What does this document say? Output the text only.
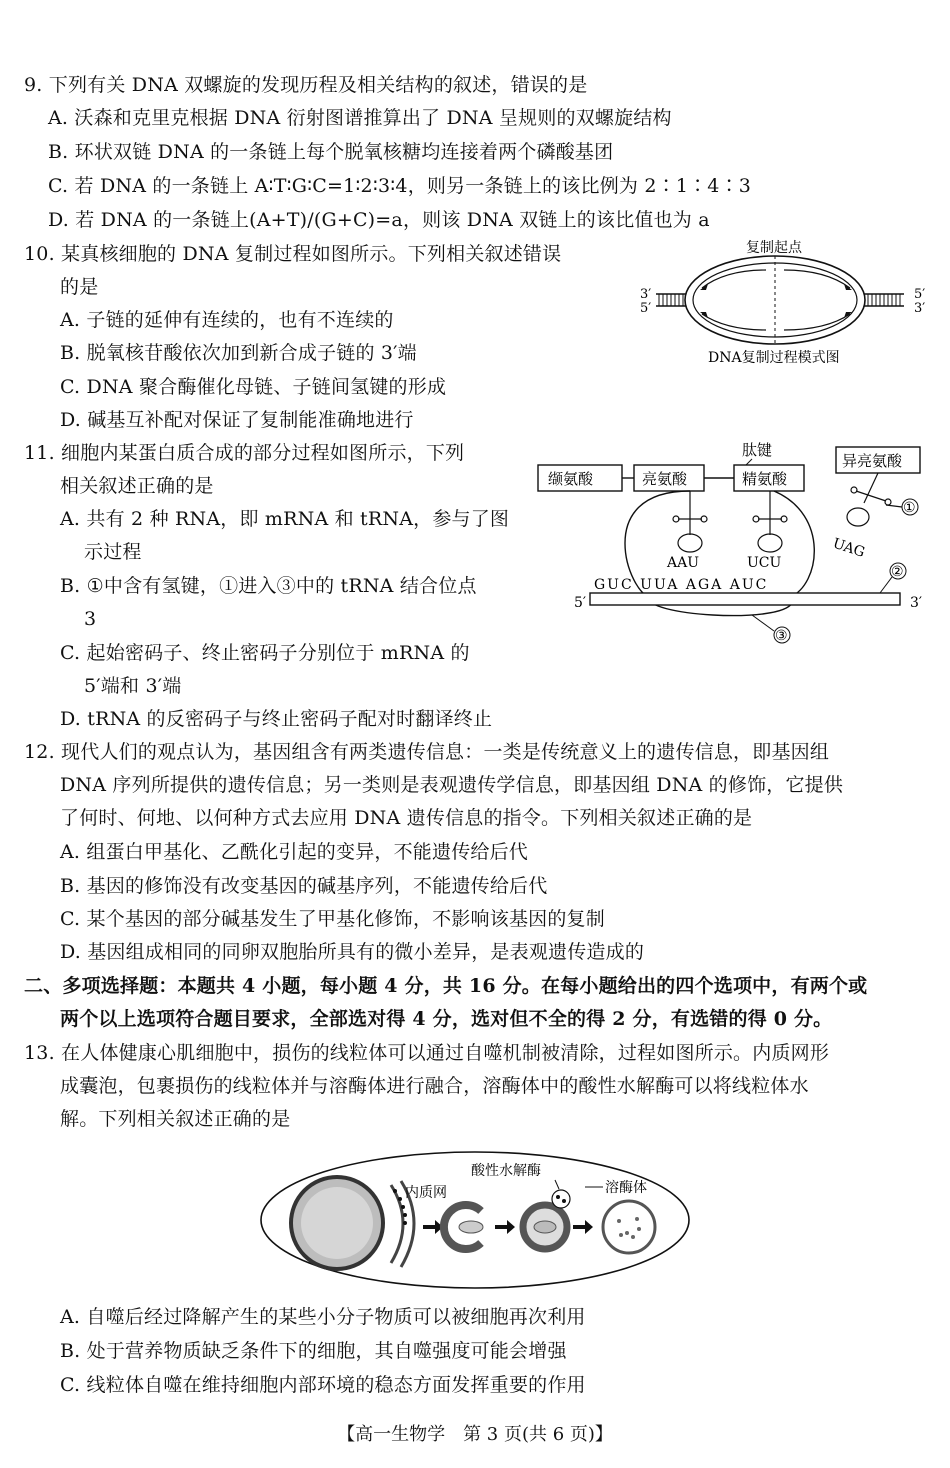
9. 下列有关 DNA 双螺旋的发现历程及相关结构的叙述，错误的是
A. 沃森和克里克根据 DNA 衍射图谱推算出了 DNA 呈规则的双螺旋结构
B. 环状双链 DNA 的一条链上每个脱氧核糖均连接着两个磷酸基团
C. 若 DNA 的一条链上 A∶T∶G∶C=1∶2∶3∶4，则另一条链上的该比例为 2∶1∶4∶3
D. 若 DNA 的一条链上(A+T)/(G+C)=a，则该 DNA 双链上的该比值也为 a
10. 某真核细胞的 DNA 复制过程如图所示。下列相关叙述错误
的是
A. 子链的延伸有连续的，也有不连续的
B. 脱氧核苷酸依次加到新合成子链的 3′端
C. DNA 聚合酶催化母链、子链间氢键的形成
D. 碱基互补配对保证了复制能准确地进行
复制起点
3′
5′
5′
3′
DNA复制过程模式图
11. 细胞内某蛋白质合成的部分过程如图所示，下列
相关叙述正确的是
A. 共有 2 种 RNA，即 mRNA 和 tRNA，参与了图
示过程
B. ①中含有氢键，①进入③中的 tRNA 结合位点
3
C. 起始密码子、终止密码子分别位于 mRNA 的
5′端和 3′端
D. tRNA 的反密码子与终止密码子配对时翻译终止
肽键
缬氨酸	亮氨酸	精氨酸
异亮氨酸
①
AAU	UCU
UAG
GUC UUA AGA AUC
5′	3′
②
③
12. 现代人们的观点认为，基因组含有两类遗传信息：一类是传统意义上的遗传信息，即基因组
DNA 序列所提供的遗传信息；另一类则是表观遗传学信息，即基因组 DNA 的修饰，它提供
了何时、何地、以何种方式去应用 DNA 遗传信息的指令。下列相关叙述正确的是
A. 组蛋白甲基化、乙酰化引起的变异，不能遗传给后代
B. 基因的修饰没有改变基因的碱基序列，不能遗传给后代
C. 某个基因的部分碱基发生了甲基化修饰，不影响该基因的复制
D. 基因组成相同的同卵双胞胎所具有的微小差异，是表观遗传造成的
二、多项选择题：本题共 4 小题，每小题 4 分，共 16 分。在每小题给出的四个选项中，有两个或
两个以上选项符合题目要求，全部选对得 4 分，选对但不全的得 2 分，有选错的得 0 分。
13. 在人体健康心肌细胞中，损伤的线粒体可以通过自噬机制被清除，过程如图所示。内质网形
成囊泡，包裹损伤的线粒体并与溶酶体进行融合，溶酶体中的酸性水解酶可以将线粒体水
解。下列相关叙述正确的是
内质网
酸性水解酶
溶酶体
A. 自噬后经过降解产生的某些小分子物质可以被细胞再次利用
B. 处于营养物质缺乏条件下的细胞，其自噬强度可能会增强
C. 线粒体自噬在维持细胞内部环境的稳态方面发挥重要的作用
【高一生物学　第 3 页(共 6 页)】
